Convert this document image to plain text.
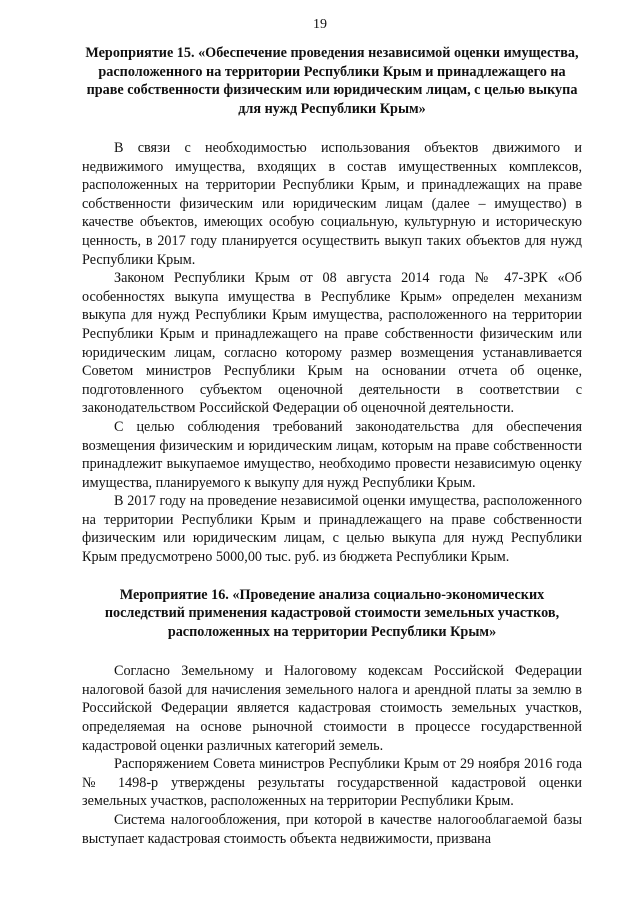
19
Мероприятие 15. «Обеспечение проведения независимой оценки имущества, расположенного на территории Республики Крым и принадлежащего на праве собственности физическим или юридическим лицам, с целью выкупа для нужд Республики Крым»

В связи с необходимостью использования объектов движимого и недвижимого имущества, входящих в состав имущественных комплексов, расположенных на территории Республики Крым, и принадлежащих на праве собственности физическим или юридическим лицам (далее – имущество) в качестве объектов, имеющих особую социальную, культурную и историческую ценность, в 2017 году планируется осуществить выкуп таких объектов для нужд Республики Крым.

Законом Республики Крым от 08 августа 2014 года № 47-ЗРК «Об особенностях выкупа имущества в Республике Крым» определен механизм выкупа для нужд Республики Крым имущества, расположенного на территории Республики Крым и принадлежащего на праве собственности физическим или юридическим лицам, согласно которому размер возмещения устанавливается Советом министров Республики Крым на основании отчета об оценке, подготовленного субъектом оценочной деятельности в соответствии с законодательством Российской Федерации об оценочной деятельности.

С целью соблюдения требований законодательства для обеспечения возмещения физическим и юридическим лицам, которым на праве собственности принадлежит выкупаемое имущество, необходимо провести независимую оценку имущества, планируемого к выкупу для нужд Республики Крым.

В 2017 году на проведение независимой оценки имущества, расположенного на территории Республики Крым и принадлежащего на праве собственности физическим или юридическим лицам, с целью выкупа для нужд Республики Крым предусмотрено 5000,00 тыс. руб. из бюджета Республики Крым.

Мероприятие 16. «Проведение анализа социально-экономических последствий применения кадастровой стоимости земельных участков, расположенных на территории Республики Крым»

Согласно Земельному и Налоговому кодексам Российской Федерации налоговой базой для начисления земельного налога и арендной платы за землю в Российской Федерации является кадастровая стоимость земельных участков, определяемая на основе рыночной стоимости в процессе государственной кадастровой оценки различных категорий земель.

Распоряжением Совета министров Республики Крым от 29 ноября 2016 года № 1498-р утверждены результаты государственной кадастровой оценки земельных участков, расположенных на территории Республики Крым.

Система налогообложения, при которой в качестве налогооблагаемой базы выступает кадастровая стоимость объекта недвижимости, призвана
